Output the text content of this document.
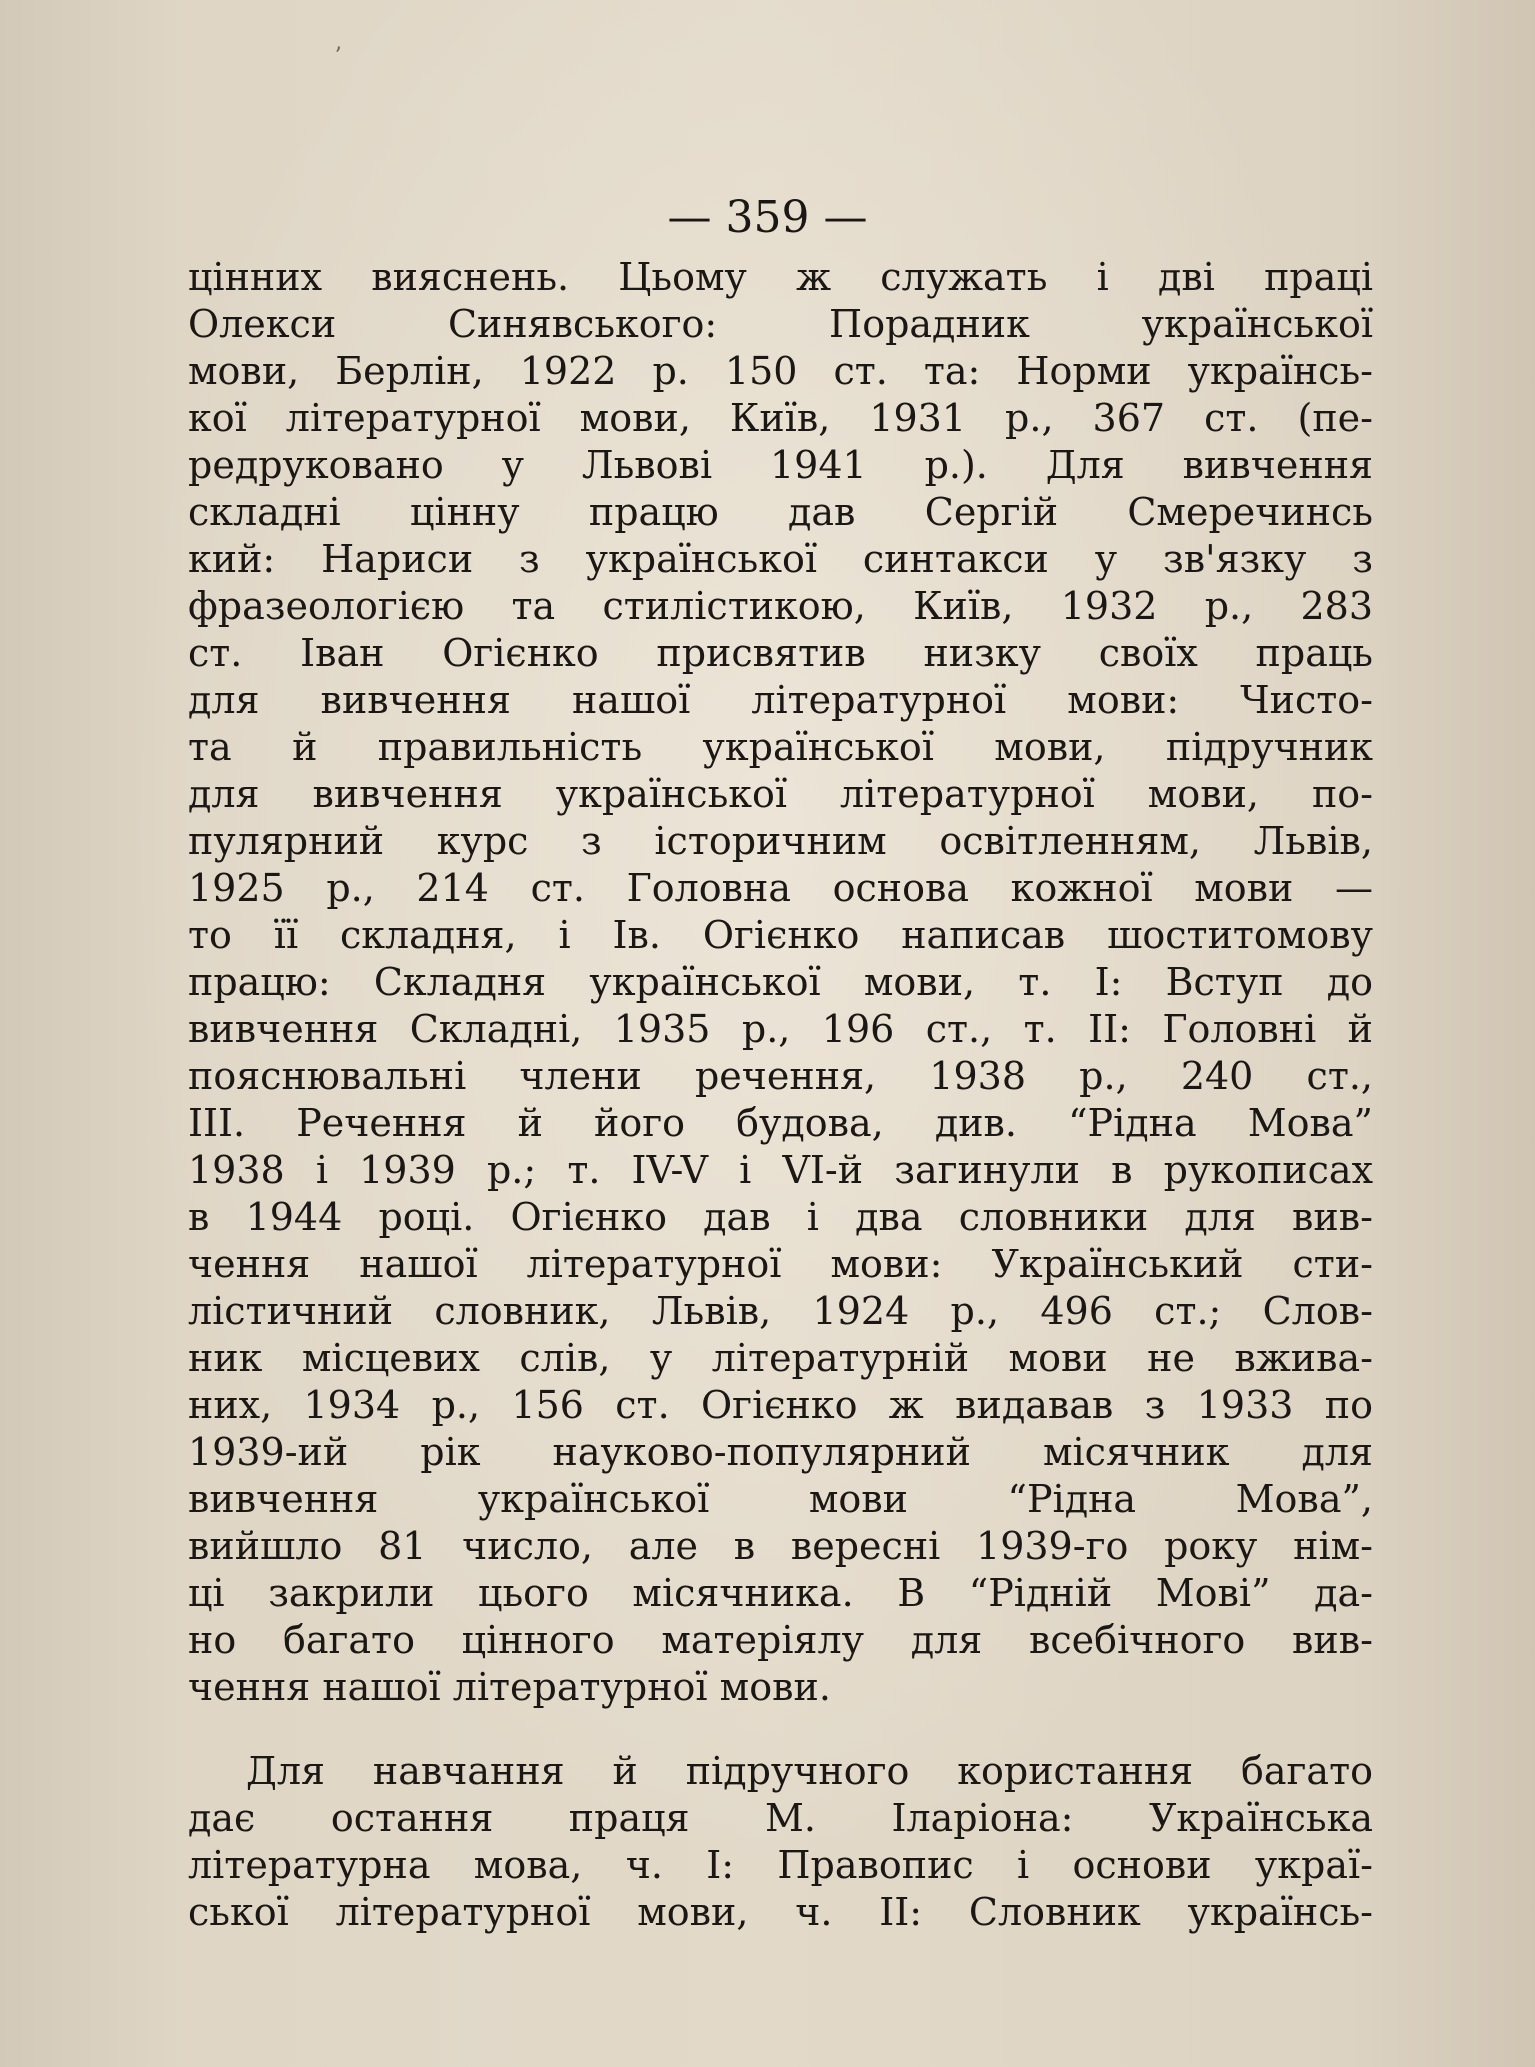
ʼ
— 359 —
цінних вияснень. Цьому ж служать і дві праці
Олекси Синявського: Порадник української
мови, Берлін, 1922 р. 150 ст. та: Норми українсь-
кої літературної мови, Київ, 1931 р., 367 ст. (пе-
редруковано у Львові 1941 р.). Для вивчення
складні цінну працю дав Сергій Смеречинсь
кий: Нариси з української синтакси у зв'язку з
фразеологією та стилістикою, Київ, 1932 р., 283
ст. Іван Огієнко присвятив низку своїх праць
для вивчення нашої літературної мови: Чисто-
та й правильність української мови, підручник
для вивчення української літературної мови, по-
пулярний курс з історичним освітленням, Львів,
1925 р., 214 ст. Головна основа кожної мови —
то її складня, і Ів. Огієнко написав шоститомову
працю: Складня української мови, т. І: Вступ до
вивчення Складні, 1935 р., 196 ст., т. ІІ: Головні й
пояснювальні члени речення, 1938 р., 240 ст.,
ІІІ. Речення й його будова, див. “Рідна Мова”
1938 і 1939 р.; т. IV-V і VI-й загинули в рукописах
в 1944 році. Огієнко дав і два словники для вив-
чення нашої літературної мови: Український сти-
лістичний словник, Львів, 1924 р., 496 ст.; Слов-
ник місцевих слів, у літературній мови не вжива-
них, 1934 р., 156 ст. Огієнко ж видавав з 1933 по
1939-ий рік науково-популярний місячник для
вивчення української мови “Рідна Мова”,
вийшло 81 число, але в вересні 1939-го року нім-
ці закрили цього місячника. В “Рідній Мові” да-
но багато цінного матеріялу для всебічного вив-
чення нашої літературної мови.
Для навчання й підручного користання багато
дає остання праця М. Іларіона: Українська
літературна мова, ч. І: Правопис і основи украї-
ської літературної мови, ч. ІІ: Словник українсь-
